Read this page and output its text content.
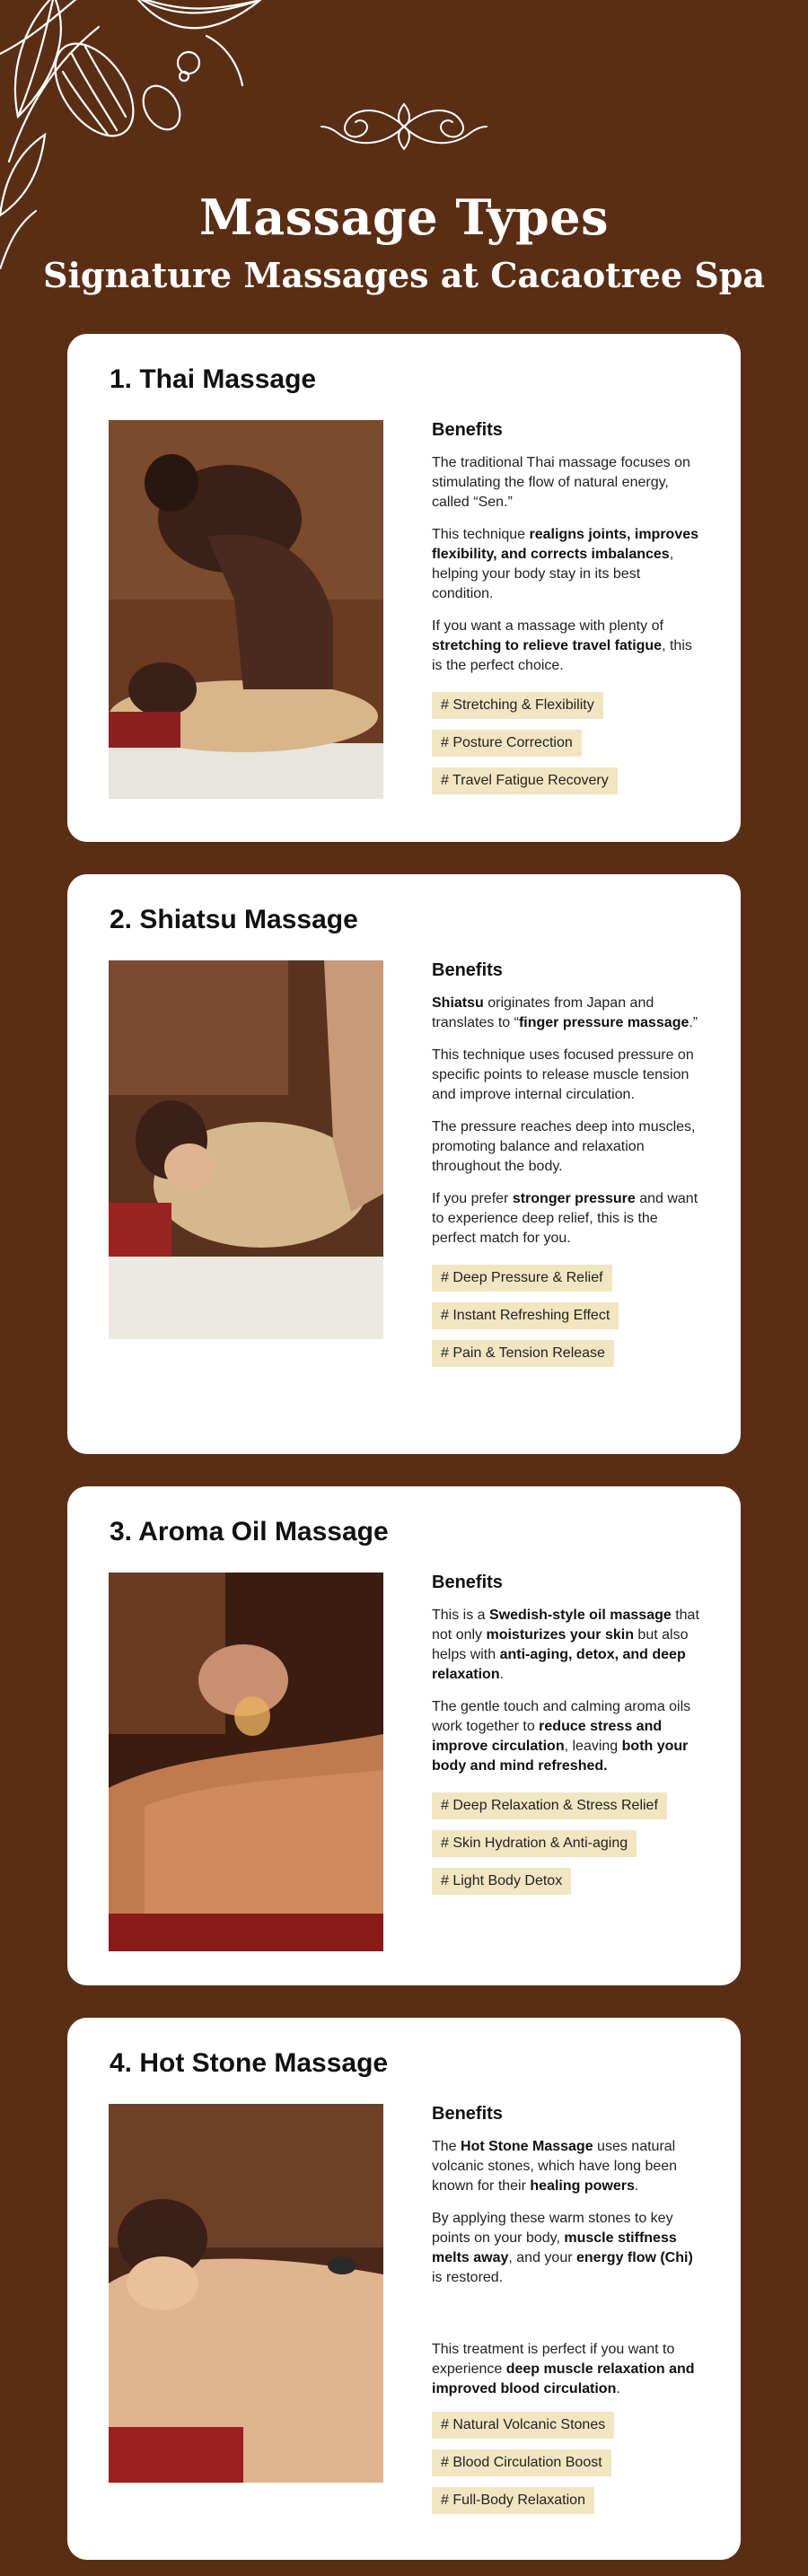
Massage Types
Signature Massages at Cacaotree Spa
1. Thai Massage
Benefits
The traditional Thai massage focuses on stimulating the flow of natural energy, called “Sen.”
This technique realigns joints, improves flexibility, and corrects imbalances, helping your body stay in its best condition.
If you want a massage with plenty of stretching to relieve travel fatigue, this is the perfect choice.
# Stretching & Flexibility
# Posture Correction
# Travel Fatigue Recovery
2. Shiatsu Massage
Benefits
Shiatsu originates from Japan and translates to “finger pressure massage.”
This technique uses focused pressure on specific points to release muscle tension and improve internal circulation.
The pressure reaches deep into muscles, promoting balance and relaxation throughout the body.
If you prefer stronger pressure and want to experience deep relief, this is the perfect match for you.
# Deep Pressure & Relief
# Instant Refreshing Effect
# Pain & Tension Release
3. Aroma Oil Massage
Benefits
This is a Swedish-style oil massage that not only moisturizes your skin but also helps with anti-aging, detox, and deep relaxation.
The gentle touch and calming aroma oils work together to reduce stress and improve circulation, leaving both your body and mind refreshed.
# Deep Relaxation & Stress Relief
# Skin Hydration & Anti-aging
# Light Body Detox
4. Hot Stone Massage
Benefits
The Hot Stone Massage uses natural volcanic stones, which have long been known for their healing powers.
By applying these warm stones to key points on your body, muscle stiffness melts away, and your energy flow (Chi) is restored.
This treatment is perfect if you want to experience deep muscle relaxation and improved blood circulation.
# Natural Volcanic Stones
# Blood Circulation Boost
# Full-Body Relaxation
